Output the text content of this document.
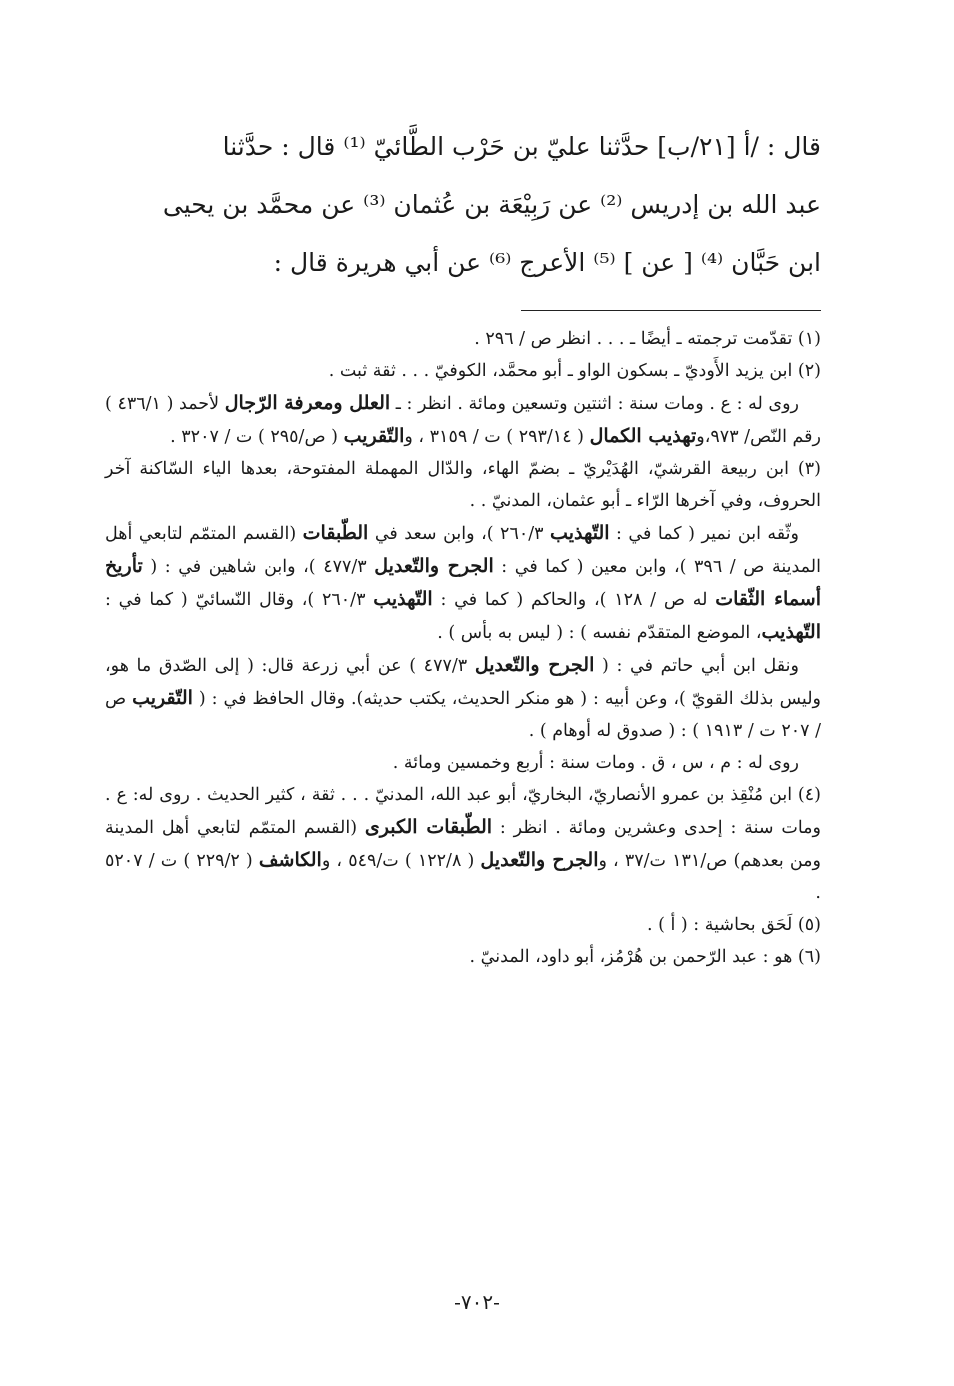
قال : /أ [٢١/ب] حدَّثنا عليّ بن حَرْب الطَّائيّ ⁽¹⁾ قال : حدَّثنا

عبد الله بن إدريس ⁽²⁾ عن رَبِيْعَة بن عُثمان ⁽³⁾ عن محمَّد بن يحيى

ابن حَبَّان ⁽⁴⁾ [ عن ] ⁽⁵⁾ الأعرج ⁽⁶⁾ عن أبي هريرة قال :

(١) تقدّمت ترجمته ـ أيضًا ـ . . . انظر ص / ٢٩٦ .

(٢) ابن يزيد الأَوديّ ـ بسكون الواو ـ أبو محمَّد، الكوفيّ . . . ثقة ثبت .

روى له : ع . ومات سنة : اثنتين وتسعين ومائة . انظر : ـ العلل ومعرفة الرّجال لأحمد ( ٤٣٦/١ ) رقم النّص/ ٩٧٣،وتهذيب الكمال ( ٢٩٣/١٤ ) ت / ٣١٥٩ ، والتّقريب ( ص/٢٩٥ ) ت / ٣٢٠٧ .

(٣) ابن ربيعة القرشيّ، الهُدَيْريّ ـ بضمّ الهاء، والدّال المهملة المفتوحة، بعدها الياء السّاكنة آخر الحروف، وفي آخرها الرّاء ـ أبو عثمان، المدنيّ . .

وثّقه ابن نمير ( كما في : التّهذيب ٢٦٠/٣ )، وابن سعد في الطّبقات (القسم المتمّم لتابعي أهل المدينة ص / ٣٩٦ )، وابن معين ( كما في : الجرح والتّعديل ٤٧٧/٣ )، وابن شاهين في : ( تأريخ أسماء الثّقات له ص / ١٢٨ )، والحاكم ( كما في : التّهذيب ٢٦٠/٣ )، وقال النّسائيّ ( كما في : التّهذيب، الموضع المتقدّم نفسه ) : ( ليس به بأس ) .

ونقل ابن أبي حاتم في : ( الجرح والتّعديل ٤٧٧/٣ ) عن أبي زرعة قال: ( إلى الصّدق ما هو، وليس بذلك القويّ )، وعن أبيه : ( هو منكر الحديث، يكتب حديثه). وقال الحافظ في : ( التّقريب ص / ٢٠٧ ت / ١٩١٣ ) : ( صدوق له أوهام ) .

روى له : م ، س ، ق . ومات سنة : أربع وخمسين ومائة .

(٤) ابن مُنْقِذ بن عمرو الأنصاريّ، البخاريّ، أبو عبد الله، المدنيّ . . . ثقة ، كثير الحديث . روى له: ع . ومات سنة : إحدى وعشرين ومائة . انظر : الطّبقات الكبرى (القسم المتمّم لتابعي أهل المدينة ومن بعدهم) ص/١٣١ ت/٣٧ ، والجرح والتّعديل ( ١٢٢/٨ ) ت/٥٤٩ ، والكاشف ( ٢٢٩/٢ ) ت / ٥٢٠٧ .

(٥) لَحَق بحاشية : ( أ ) .

(٦) هو : عبد الرّحمن بن هُرْمُز، أبو داود، المدنيّ .

-٧٠٢-
